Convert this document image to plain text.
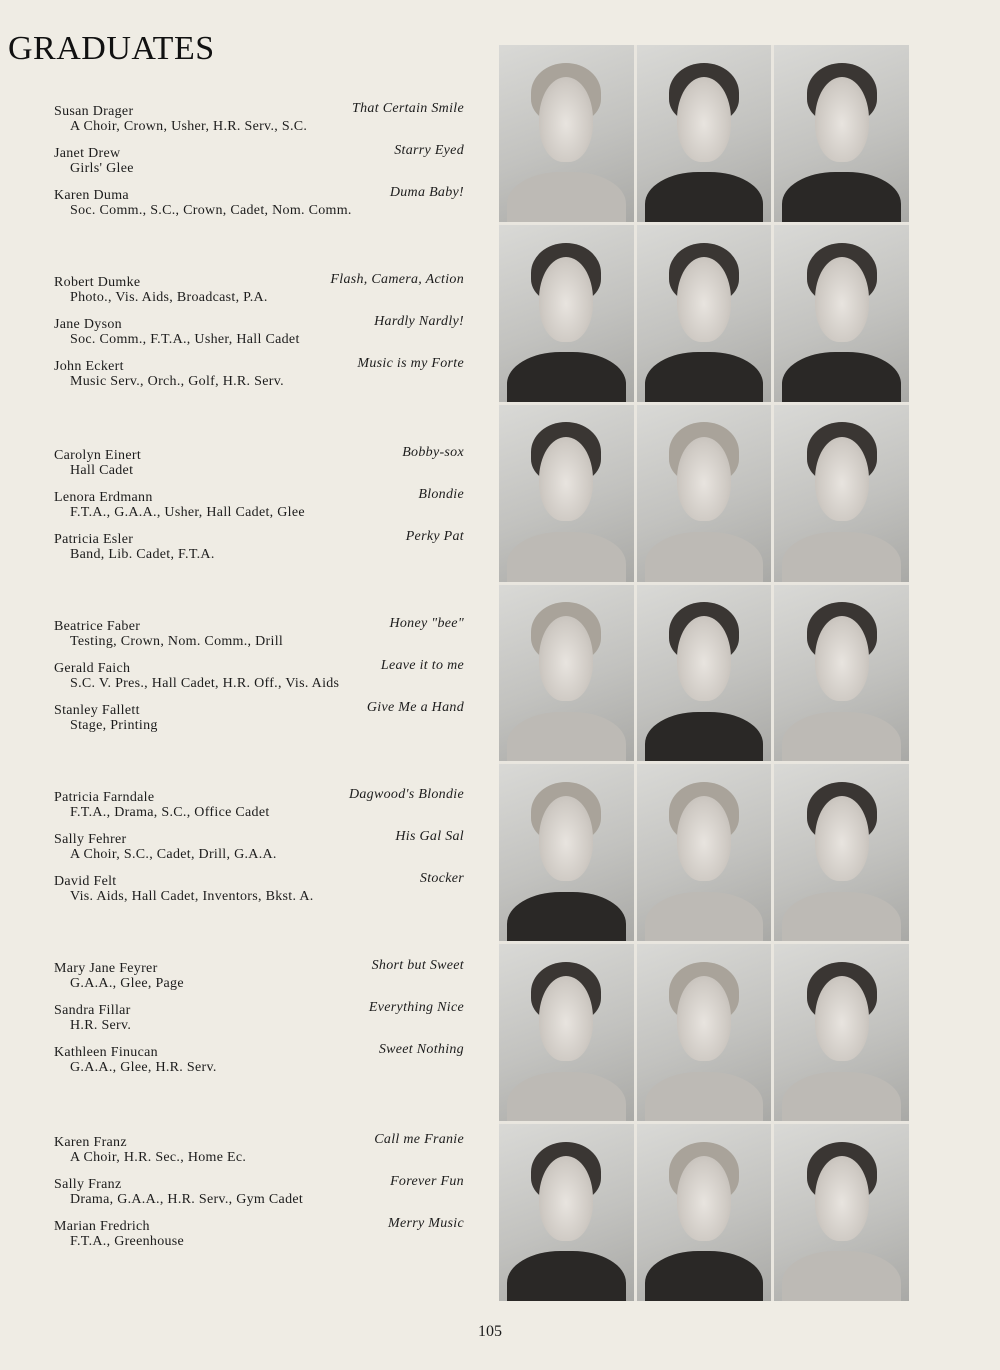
GRADUATES
Susan Drager	That Certain Smile
A Choir, Crown, Usher, H.R. Serv., S.C.
Janet Drew	Starry Eyed
Girls' Glee
Karen Duma	Duma Baby!
Soc. Comm., S.C., Crown, Cadet, Nom. Comm.
Robert Dumke	Flash, Camera, Action
Photo., Vis. Aids, Broadcast, P.A.
Jane Dyson	Hardly Nardly!
Soc. Comm., F.T.A., Usher, Hall Cadet
John Eckert	Music is my Forte
Music Serv., Orch., Golf, H.R. Serv.
Carolyn Einert	Bobby-sox
Hall Cadet
Lenora Erdmann	Blondie
F.T.A., G.A.A., Usher, Hall Cadet, Glee
Patricia Esler	Perky Pat
Band, Lib. Cadet, F.T.A.
Beatrice Faber	Honey "bee"
Testing, Crown, Nom. Comm., Drill
Gerald Faich	Leave it to me
S.C. V. Pres., Hall Cadet, H.R. Off., Vis. Aids
Stanley Fallett	Give Me a Hand
Stage, Printing
Patricia Farndale	Dagwood's Blondie
F.T.A., Drama, S.C., Office Cadet
Sally Fehrer	His Gal Sal
A Choir, S.C., Cadet, Drill, G.A.A.
David Felt	Stocker
Vis. Aids, Hall Cadet, Inventors, Bkst. A.
Mary Jane Feyrer	Short but Sweet
G.A.A., Glee, Page
Sandra Fillar	Everything Nice
H.R. Serv.
Kathleen Finucan	Sweet Nothing
G.A.A., Glee, H.R. Serv.
Karen Franz	Call me Franie
A Choir, H.R. Sec., Home Ec.
Sally Franz	Forever Fun
Drama, G.A.A., H.R. Serv., Gym Cadet
Marian Fredrich	Merry Music
F.T.A., Greenhouse
105
